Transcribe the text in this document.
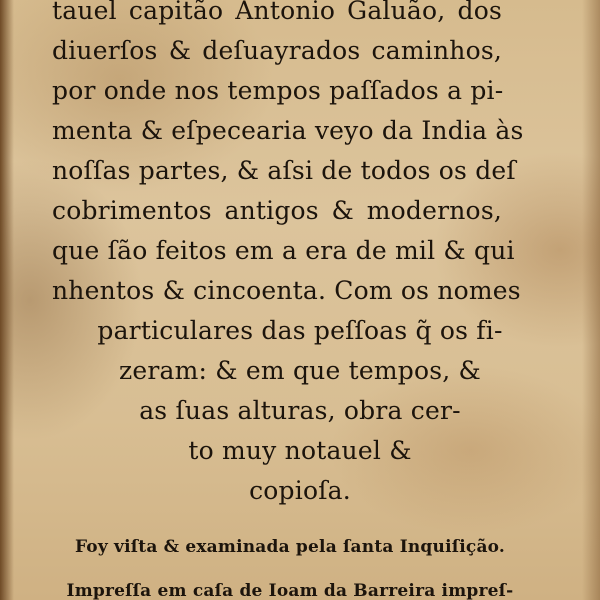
tauel capitão Antonio Galuão, dos

diuerſos & deſuayrados caminhos,

por onde nos tempos paſſados a pi-

menta & eſpecearia veyo da India às

noſſas partes, & aſsi de todos os deſ

cobrimentos antigos & modernos,

que ſão feitos em a era de mil & qui

nhentos & cincoenta. Com os nomes

particulares das peſſoas q̃ os fi-

zeram: & em que tempos, &

as ſuas alturas, obra cer-

to muy notauel &

copioſa.

Foy viſta & examinada pela ſanta Inquiſição.

Impreſſa em caſa de Ioam da Barreira impreſ-
